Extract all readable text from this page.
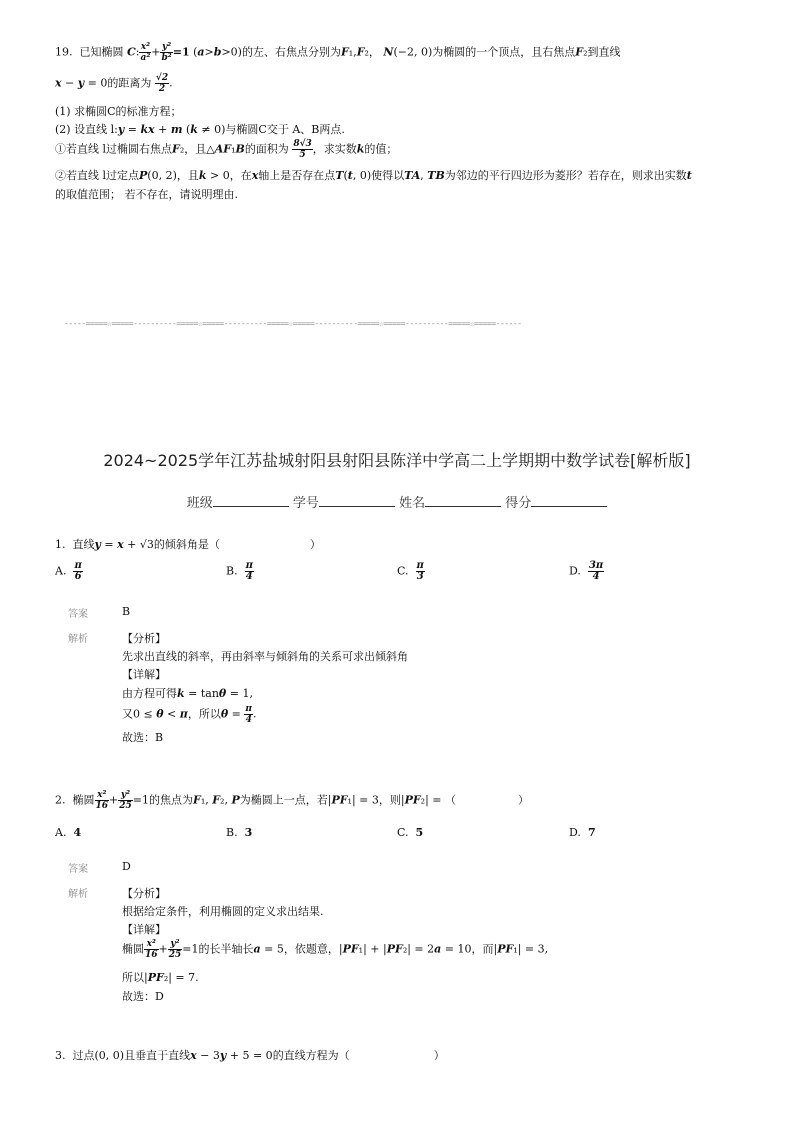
19. 已知椭圆 C: $\frac{\text{x²}}{\text{a²}} + \frac{\text{y²}}{\text{b²}} =1$ (a>b>0)的左、右焦点分别为F₁,F₂， N(−2, 0)为椭圆的一个顶点，且右焦点F₂到直线
x − y = 0的距离为 $\frac{√2}{2}$ .
(1) 求椭圆C的标准方程；
(2) 设直线 l:y = kx + m (k ≠ 0)与椭圆C交于 A、B两点.
①若直线 l过椭圆右焦点F₂，且△AF₁B的面积为 $\frac{8√3}{5}$ ，求实数k的值；
②若直线 l过定点P(0, 2)，且k > 0，在x轴上是否存在点T(t, 0)使得以TA, TB为邻边的平行四边形为菱形？若存在，则求出实数t
的取值范围； 若不存在，请说明理由.
-----=====☆=====----------=====☆=====----------=====☆=====----------=====☆=====----------=====☆=====------
2024~2025学年江苏盐城射阳县射阳县陈洋中学高二上学期期中数学试卷[解析版]
班级	学号	姓名	得分
1. 直线y = x + √3的倾斜角是（	）
A. $\frac{\pi}{6}$	B. $\frac{\pi}{4}$	C. $\frac{\pi}{3}$	D. $\frac{3\pi}{4}$
答案	B
解析	【分析】
先求出直线的斜率，再由斜率与倾斜角的关系可求出倾斜角
【详解】
由方程可得k = tanθ = 1,
又0 ≤ θ < π，所以$\theta = \frac{\pi}{4}$ .
故选：B
2. 椭圆 $\frac{\text{x²}}{16} + \frac{\text{y²}}{25} =1$的焦点为F₁, F₂, P为椭圆上一点，若|PF₁| = 3，则|PF₂| = （	）
A. 4	B. 3	C. 5	D. 7
答案	D
解析	【分析】
根据给定条件，利用椭圆的定义求出结果.
【详解】
椭圆 $\frac{\text{x²}}{16} + \frac{\text{y²}}{25} =1$的长半轴长a = 5，依题意，|PF₁| + |PF₂| = 2a = 10，而|PF₁| = 3,
所以|PF₂| = 7.
故选：D
3. 过点(0, 0)且垂直于直线x − 3y + 5 = 0的直线方程为（	）
